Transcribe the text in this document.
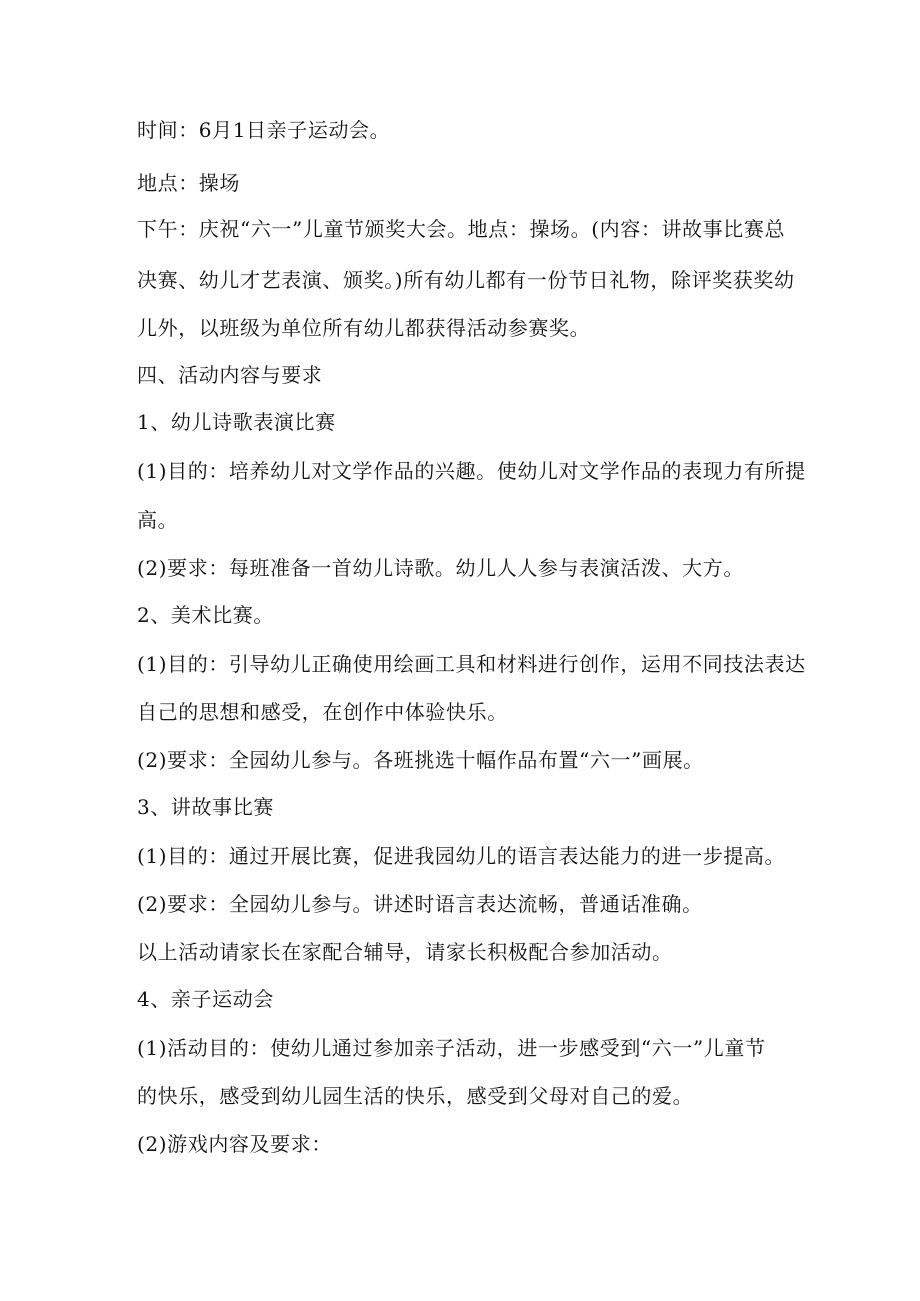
时间：6月1日亲子运动会。
地点：操场
下午：庆祝“六一”儿童节颁奖大会。地点：操场。(内容：讲故事比赛总
决赛、幼儿才艺表演、颁奖。)所有幼儿都有一份节日礼物，除评奖获奖幼
儿外，以班级为单位所有幼儿都获得活动参赛奖。
四、活动内容与要求
1、幼儿诗歌表演比赛
(1)目的：培养幼儿对文学作品的兴趣。使幼儿对文学作品的表现力有所提
高。
(2)要求：每班准备一首幼儿诗歌。幼儿人人参与表演活泼、大方。
2、美术比赛。
(1)目的：引导幼儿正确使用绘画工具和材料进行创作，运用不同技法表达
自己的思想和感受，在创作中体验快乐。
(2)要求：全园幼儿参与。各班挑选十幅作品布置“六一”画展。
3、讲故事比赛
(1)目的：通过开展比赛，促进我园幼儿的语言表达能力的进一步提高。
(2)要求：全园幼儿参与。讲述时语言表达流畅，普通话准确。
以上活动请家长在家配合辅导，请家长积极配合参加活动。
4、亲子运动会
(1)活动目的：使幼儿通过参加亲子活动，进一步感受到“六一”儿童节
的快乐，感受到幼儿园生活的快乐，感受到父母对自己的爱。
(2)游戏内容及要求：
